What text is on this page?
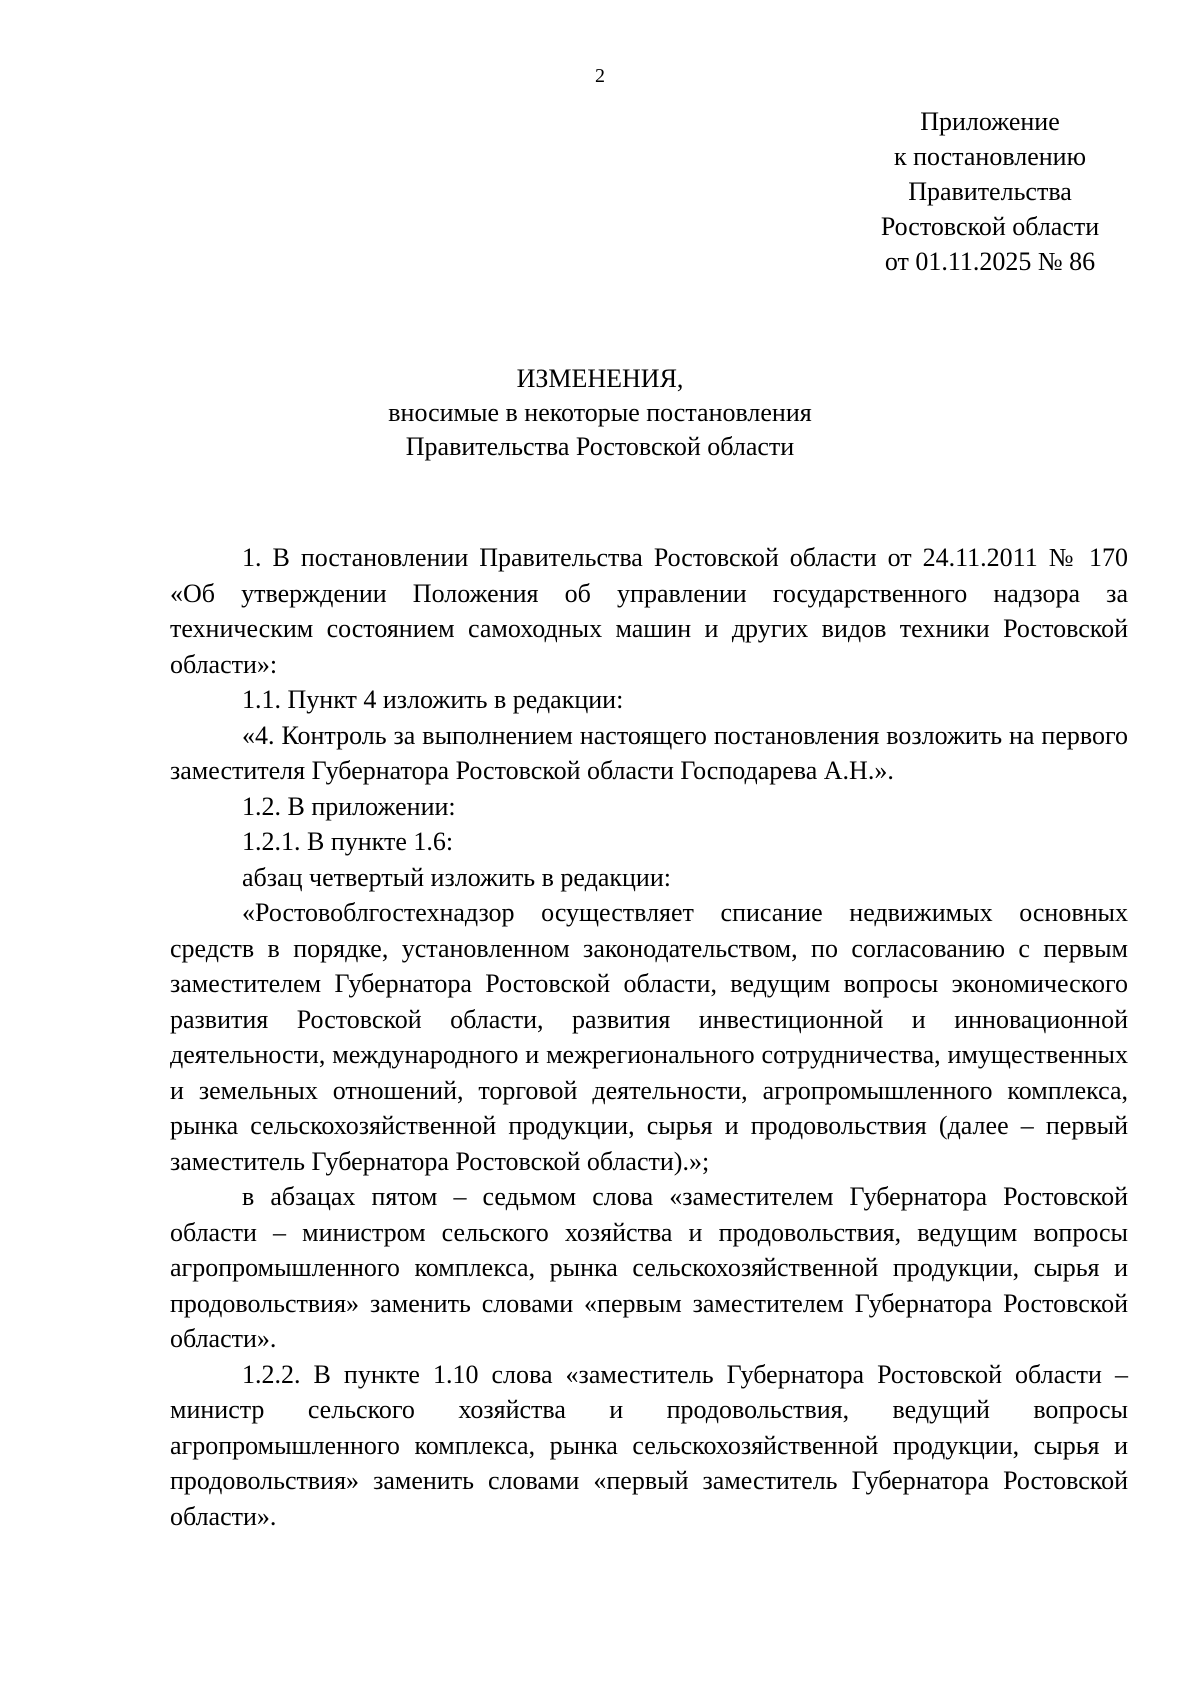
2
Приложение
к постановлению
Правительства
Ростовской области
от 01.11.2025 № 86
ИЗМЕНЕНИЯ,
вносимые в некоторые постановления
Правительства Ростовской области

1. В постановлении Правительства Ростовской области от 24.11.2011 № 170 «Об утверждении Положения об управлении государственного надзора за техническим состоянием самоходных машин и других видов техники Ростовской области»:

1.1. Пункт 4 изложить в редакции:

«4. Контроль за выполнением настоящего постановления возложить на первого заместителя Губернатора Ростовской области Господарева А.Н.».

1.2. В приложении:

1.2.1. В пункте 1.6:

абзац четвертый изложить в редакции:

«Ростовоблгостехнадзор осуществляет списание недвижимых основных средств в порядке, установленном законодательством, по согласованию с первым заместителем Губернатора Ростовской области, ведущим вопросы экономического развития Ростовской области, развития инвестиционной и инновационной деятельности, международного и межрегионального сотрудничества, имущественных и земельных отношений, торговой деятельности, агропромышленного комплекса, рынка сельскохозяйственной продукции, сырья и продовольствия (далее – первый заместитель Губернатора Ростовской области).»;

в абзацах пятом – седьмом слова «заместителем Губернатора Ростовской области – министром сельского хозяйства и продовольствия, ведущим вопросы агропромышленного комплекса, рынка сельскохозяйственной продукции, сырья и продовольствия» заменить словами «первым заместителем Губернатора Ростовской области».

1.2.2. В пункте 1.10 слова «заместитель Губернатора Ростовской области – министр сельского хозяйства и продовольствия, ведущий вопросы агропромышленного комплекса, рынка сельскохозяйственной продукции, сырья и продовольствия» заменить словами «первый заместитель Губернатора Ростовской области».
